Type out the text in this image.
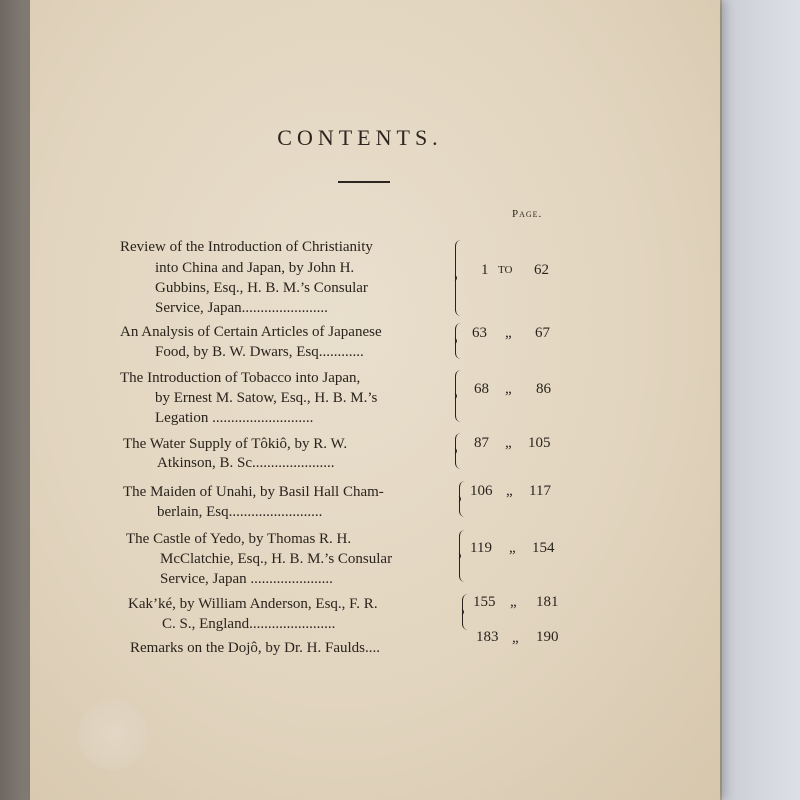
CONTENTS.
Page.
Review of the Introduction of Christianity
into China and Japan, by John H.
Gubbins, Esq., H. B. M.’s Consular
Service, Japan.......................
1 TO 62
An Analysis of Certain Articles of Japanese
Food, by B. W. Dwars, Esq............
63 „ 67
The Introduction of Tobacco into Japan,
by Ernest M. Satow, Esq., H. B. M.’s
Legation ...........................
68 „ 86
The Water Supply of Tôkiô, by R. W.
Atkinson, B. Sc......................
87 „ 105
The Maiden of Unahi, by Basil Hall Cham-
berlain, Esq.........................
106 „ 117
The Castle of Yedo, by Thomas R. H.
McClatchie, Esq., H. B. M.’s Consular
Service, Japan ......................
119 „ 154
Kak’ké, by William Anderson, Esq., F. R.
C. S., England.......................
155 „ 181
Remarks on the Dojô, by Dr. H. Faulds....
183 „ 190
